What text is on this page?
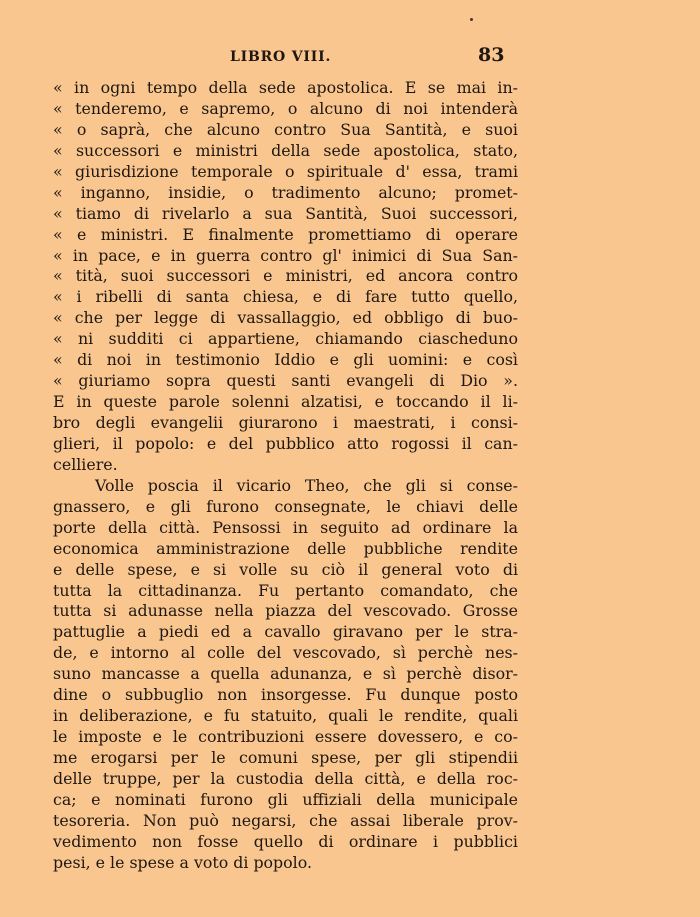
LIBRO VIII.	83
« in ogni tempo della sede apostolica. E se mai in-
« tenderemo, e sapremo, o alcuno di noi intenderà
« o saprà, che alcuno contro Sua Santità, e suoi
« successori e ministri della sede apostolica, stato,
« giurisdizione temporale o spirituale d' essa, trami
« inganno, insidie, o tradimento alcuno; promet-
« tiamo di rivelarlo a sua Santità, Suoi successori,
« e ministri. E finalmente promettiamo di operare
« in pace, e in guerra contro gl' inimici di Sua San-
« tità, suoi successori e ministri, ed ancora contro
« i ribelli di santa chiesa, e di fare tutto quello,
« che per legge di vassallaggio, ed obbligo di buo-
« ni sudditi ci appartiene, chiamando ciascheduno
« di noi in testimonio Iddio e gli uomini: e così
« giuriamo sopra questi santi evangeli di Dio ».
E in queste parole solenni alzatisi, e toccando il li-
bro degli evangelii giurarono i maestrati, i consi-
glieri, il popolo: e del pubblico atto rogossi il can-
celliere.
Volle poscia il vicario Theo, che gli si conse-
gnassero, e gli furono consegnate, le chiavi delle
porte della città. Pensossi in seguito ad ordinare la
economica amministrazione delle pubbliche rendite
e delle spese, e si volle su ciò il general voto di
tutta la cittadinanza. Fu pertanto comandato, che
tutta si adunasse nella piazza del vescovado. Grosse
pattuglie a piedi ed a cavallo giravano per le stra-
de, e intorno al colle del vescovado, sì perchè nes-
suno mancasse a quella adunanza, e sì perchè disor-
dine o subbuglio non insorgesse. Fu dunque posto
in deliberazione, e fu statuito, quali le rendite, quali
le imposte e le contribuzioni essere dovessero, e co-
me erogarsi per le comuni spese, per gli stipendii
delle truppe, per la custodia della città, e della roc-
ca; e nominati furono gli uffiziali della municipale
tesoreria. Non può negarsi, che assai liberale prov-
vedimento non fosse quello di ordinare i pubblici
pesi, e le spese a voto di popolo.
